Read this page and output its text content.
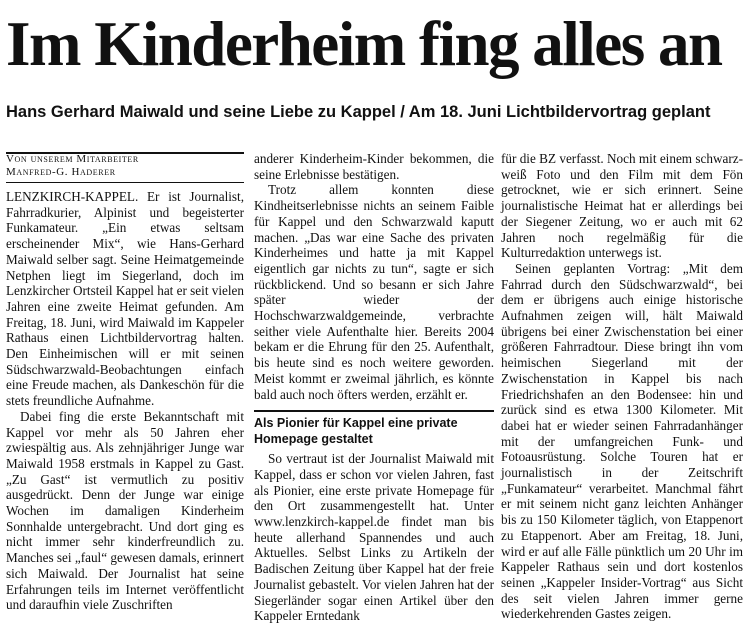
Im Kinderheim fing alles an
Hans Gerhard Maiwald und seine Liebe zu Kappel / Am 18. Juni Lichtbildervortrag geplant
Von unserem Mitarbeiter
Manfred-G. Haderer

LENZKIRCH-KAPPEL. Er ist Journalist, Fahrradkurier, Alpinist und begeisterter Funkamateur. „Ein etwas seltsam erscheinender Mix“, wie Hans-Gerhard Maiwald selber sagt. Seine Heimatgemeinde Netphen liegt im Siegerland, doch im Lenzkircher Ortsteil Kappel hat er seit vielen Jahren eine zweite Heimat gefunden. Am Freitag, 18. Juni, wird Maiwald im Kappeler Rathaus einen Lichtbildervortrag halten. Den Einheimischen will er mit seinen Südschwarzwald-Beobachtungen einfach eine Freude machen, als Dankeschön für die stets freundliche Aufnahme.

Dabei fing die erste Bekanntschaft mit Kappel vor mehr als 50 Jahren eher zwiespältig aus. Als zehnjähriger Junge war Maiwald 1958 erstmals in Kappel zu Gast. „Zu Gast“ ist vermutlich zu positiv ausgedrückt. Denn der Junge war einige Wochen im damaligen Kinderheim Sonnhalde untergebracht. Und dort ging es nicht immer sehr kinderfreundlich zu. Manches sei „faul“ gewesen damals, erinnert sich Maiwald. Der Journalist hat seine Erfahrungen teils im Internet veröffentlicht und daraufhin viele Zuschriften

anderer Kinderheim-Kinder bekommen, die seine Erlebnisse bestätigen.

Trotz allem konnten diese Kindheitserlebnisse nichts an seinem Faible für Kappel und den Schwarzwald kaputt machen. „Das war eine Sache des privaten Kinderheimes und hatte ja mit Kappel eigentlich gar nichts zu tun“, sagte er sich rückblickend. Und so besann er sich Jahre später wieder der Hochschwarzwaldgemeinde, verbrachte seither viele Aufenthalte hier. Bereits 2004 bekam er die Ehrung für den 25. Aufenthalt, bis heute sind es noch weitere geworden. Meist kommt er zweimal jährlich, es könnte bald auch noch öfters werden, erzählt er.

Als Pionier für Kappel eine private Homepage gestaltet

So vertraut ist der Journalist Maiwald mit Kappel, dass er schon vor vielen Jahren, fast als Pionier, eine erste private Homepage für den Ort zusammengestellt hat. Unter www.lenzkirch-kappel.de findet man bis heute allerhand Spannendes und auch Aktuelles. Selbst Links zu Artikeln der Badischen Zeitung über Kappel hat der freie Journalist gebastelt. Vor vielen Jahren hat der Siegerländer sogar einen Artikel über den Kappeler Erntedank

für die BZ verfasst. Noch mit einem schwarz-weiß Foto und den Film mit dem Fön getrocknet, wie er sich erinnert. Seine journalistische Heimat hat er allerdings bei der Siegener Zeitung, wo er auch mit 62 Jahren noch regelmäßig für die Kulturredaktion unterwegs ist.

Seinen geplanten Vortrag: „Mit dem Fahrrad durch den Südschwarzwald“, bei dem er übrigens auch einige historische Aufnahmen zeigen will, hält Maiwald übrigens bei einer Zwischenstation bei einer größeren Fahrradtour. Diese bringt ihn vom heimischen Siegerland mit der Zwischenstation in Kappel bis nach Friedrichshafen an den Bodensee: hin und zurück sind es etwa 1300 Kilometer. Mit dabei hat er wieder seinen Fahrradanhänger mit der umfangreichen Funk- und Fotoausrüstung. Solche Touren hat er journalistisch in der Zeitschrift „Funkamateur“ verarbeitet. Manchmal fährt er mit seinem nicht ganz leichten Anhänger bis zu 150 Kilometer täglich, von Etappenort zu Etappenort. Aber am Freitag, 18. Juni, wird er auf alle Fälle pünktlich um 20 Uhr im Kappeler Rathaus sein und dort kostenlos seinen „Kappeler Insider-Vortrag“ aus Sicht des seit vielen Jahren immer gerne wiederkehrenden Gastes zeigen.
